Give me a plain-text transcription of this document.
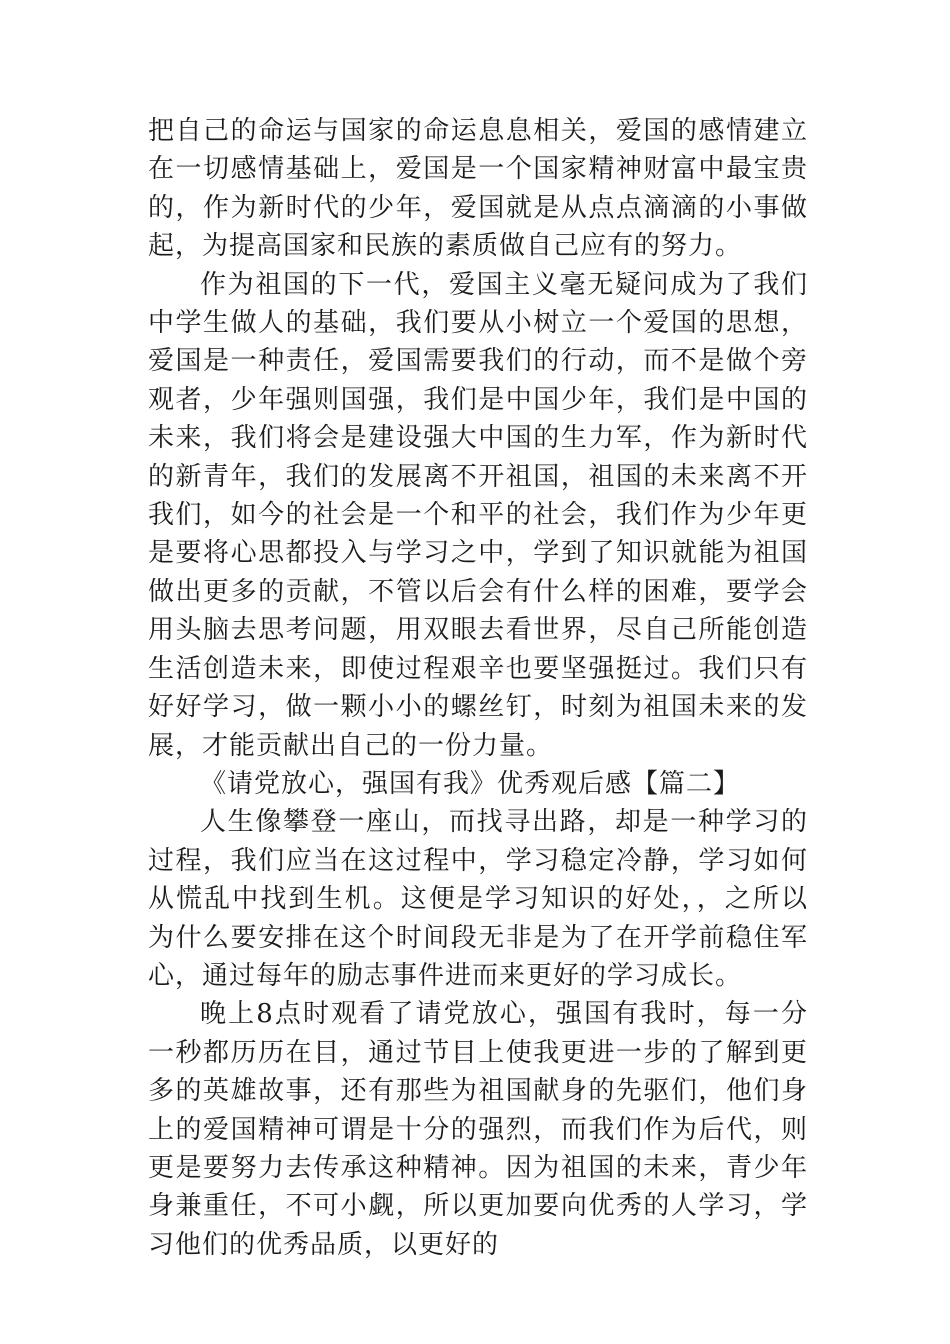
把自己的命运与国家的命运息息相关，爱国的感情建立在一切感情基础上，爱国是一个国家精神财富中最宝贵的，作为新时代的少年，爱国就是从点点滴滴的小事做起，为提高国家和民族的素质做自己应有的努力。

作为祖国的下一代，爱国主义毫无疑问成为了我们中学生做人的基础，我们要从小树立一个爱国的思想，爱国是一种责任，爱国需要我们的行动，而不是做个旁观者，少年强则国强，我们是中国少年，我们是中国的未来，我们将会是建设强大中国的生力军，作为新时代的新青年，我们的发展离不开祖国，祖国的未来离不开我们，如今的社会是一个和平的社会，我们作为少年更是要将心思都投入与学习之中，学到了知识就能为祖国做出更多的贡献，不管以后会有什么样的困难，要学会用头脑去思考问题，用双眼去看世界，尽自己所能创造生活创造未来，即使过程艰辛也要坚强挺过。我们只有好好学习，做一颗小小的螺丝钉，时刻为祖国未来的发展，才能贡献出自己的一份力量。

《请党放心，强国有我》优秀观后感【篇二】

人生像攀登一座山，而找寻出路，却是一种学习的过程，我们应当在这过程中，学习稳定冷静，学习如何从慌乱中找到生机。这便是学习知识的好处，，之所以为什么要安排在这个时间段无非是为了在开学前稳住军心，通过每年的励志事件进而来更好的学习成长。

晚上8点时观看了请党放心，强国有我时，每一分一秒都历历在目，通过节目上使我更进一步的了解到更多的英雄故事，还有那些为祖国献身的先驱们，他们身上的爱国精神可谓是十分的强烈，而我们作为后代，则更是要努力去传承这种精神。因为祖国的未来，青少年身兼重任，不可小觑，所以更加要向优秀的人学习，学习他们的优秀品质，以更好的
